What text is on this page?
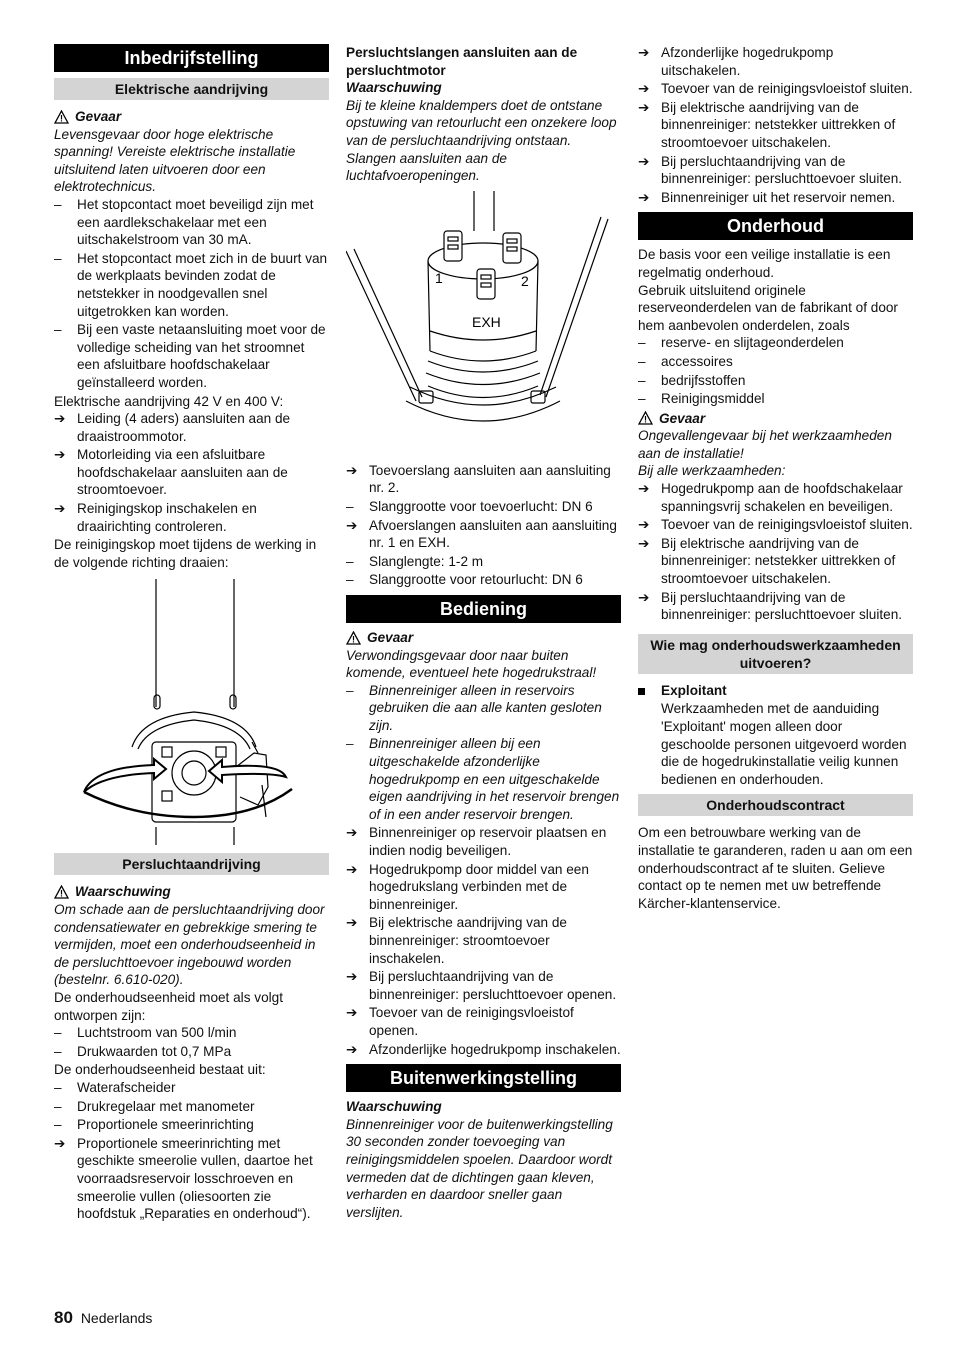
Inbedrijfstelling
Elektrische aandrijving
Gevaar

Levensgevaar door hoge elektrische spanning! Vereiste elektrische installatie uitsluitend laten uitvoeren door een elektrotechnicus.

–	Het stopcontact moet beveiligd zijn met een aardlekschakelaar met een uitschakelstroom van 30 mA.
–	Het stopcontact moet zich in de buurt van de werkplaats bevinden zodat de netstekker in noodgevallen snel uitgetrokken kan worden.
–	Bij een vaste netaansluiting moet voor de volledige scheiding van het stroomnet een afsluitbare hoofdschakelaar geïnstalleerd worden.

Elektrische aandrijving 42 V en 400 V:

➔ Leiding (4 aders) aansluiten aan de draaistroommotor.
➔ Motorleiding via een afsluitbare hoofdschakelaar aansluiten aan de stroomtoevoer.
➔ Reinigingskop inschakelen en draairichting controleren.

De reinigingskop moet tijdens de werking in de volgende richting draaien:

Persluchtaandrijving
Waarschuwing

Om schade aan de persluchtaandrijving door condensatiewater en gebrekkige smering te vermijden, moet een onderhoudseenheid in de persluchttoevoer ingebouwd worden (bestelnr. 6.610-020).

De onderhoudseenheid moet als volgt ontworpen zijn:

–	Luchtstroom van 500 l/min
–	Drukwaarden tot 0,7 MPa

De onderhoudseenheid bestaat uit:

–	Waterafscheider
–	Drukregelaar met manometer
–	Proportionele smeerinrichting
➔ Proportionele smeerinrichting met geschikte smeerolie vullen, daartoe het voorraadsreservoir losschroeven en smeerolie vullen (oliesoorten zie hoofdstuk „Reparaties en onderhoud“).

Persluchtslangen aansluiten aan de persluchtmotor

Waarschuwing

Bij te kleine knaldempers doet de ontstane opstuwing van retourlucht een onzekere loop van de persluchtaandrijving ontstaan. Slangen aansluiten aan de luchtafvoeropeningen.

1	2
EXH
➔ Toevoerslang aansluiten aan aansluiting nr. 2.
–	Slanggrootte voor toevoerlucht: DN 6
➔ Afvoerslangen aansluiten aan aansluiting nr. 1 en EXH.
–	Slanglengte: 1-2 m
–	Slanggrootte voor retourlucht: DN 6
Bediening
Gevaar

Verwondingsgevaar door naar buiten komende, eventueel hete hogedrukstraal!

–	Binnenreiniger alleen in reservoirs gebruiken die aan alle kanten gesloten zijn.
–	Binnenreiniger alleen bij een uitgeschakelde afzonderlijke hogedrukpomp en een uitgeschakelde eigen aandrijving in het reservoir brengen of in een ander reservoir brengen.
➔ Binnenreiniger op reservoir plaatsen en indien nodig beveiligen.
➔ Hogedrukpomp door middel van een hogedrukslang verbinden met de binnenreiniger.
➔ Bij elektrische aandrijving van de binnenreiniger: stroomtoevoer inschakelen.
➔ Bij persluchtaandrijving van de binnenreiniger: persluchttoevoer openen.
➔ Toevoer van de reinigingsvloeistof openen.
➔ Afzonderlijke hogedrukpomp inschakelen.
Buitenwerkingstelling

Waarschuwing

Binnenreiniger voor de buitenwerkingstelling 30 seconden zonder toevoeging van reinigingsmiddelen spoelen. Daardoor wordt vermeden dat de dichtingen gaan kleven, verharden en daardoor sneller gaan verslijten.

➔ Afzonderlijke hogedrukpomp uitschakelen.
➔ Toevoer van de reinigingsvloeistof sluiten.
➔ Bij elektrische aandrijving van de binnenreiniger: netstekker uittrekken of stroomtoevoer uitschakelen.
➔ Bij persluchtaandrijving van de binnenreiniger: persluchttoevoer sluiten.
➔ Binnenreiniger uit het reservoir nemen.
Onderhoud

De basis voor een veilige installatie is een regelmatig onderhoud.

Gebruik uitsluitend originele reserveonderdelen van de fabrikant of door hem aanbevolen onderdelen, zoals

–	reserve- en slijtageonderdelen
–	accessoires
–	bedrijfsstoffen
–	Reinigingsmiddel
Gevaar

Ongevallengevaar bij het werkzaamheden aan de installatie!

Bij alle werkzaamheden:

➔ Hogedrukpomp aan de hoofdschakelaar spanningsvrij schakelen en beveiligen.
➔ Toevoer van de reinigingsvloeistof sluiten.
➔ Bij elektrische aandrijving van de binnenreiniger: netstekker uittrekken of stroomtoevoer uitschakelen.
➔ Bij persluchtaandrijving van de binnenreiniger: persluchttoevoer sluiten.
Wie mag onderhoudswerkzaamheden uitvoeren?
Exploitant

Werkzaamheden met de aanduiding 'Exploitant' mogen alleen door geschoolde personen uitgevoerd worden die de hogedrukinstallatie veilig kunnen bedienen en onderhouden.

Onderhoudscontract

Om een betrouwbare werking van de installatie te garanderen, raden u aan om een onderhoudscontract af te sluiten. Gelieve contact op te nemen met uw betreffende Kärcher-klantenservice.

80 Nederlands
